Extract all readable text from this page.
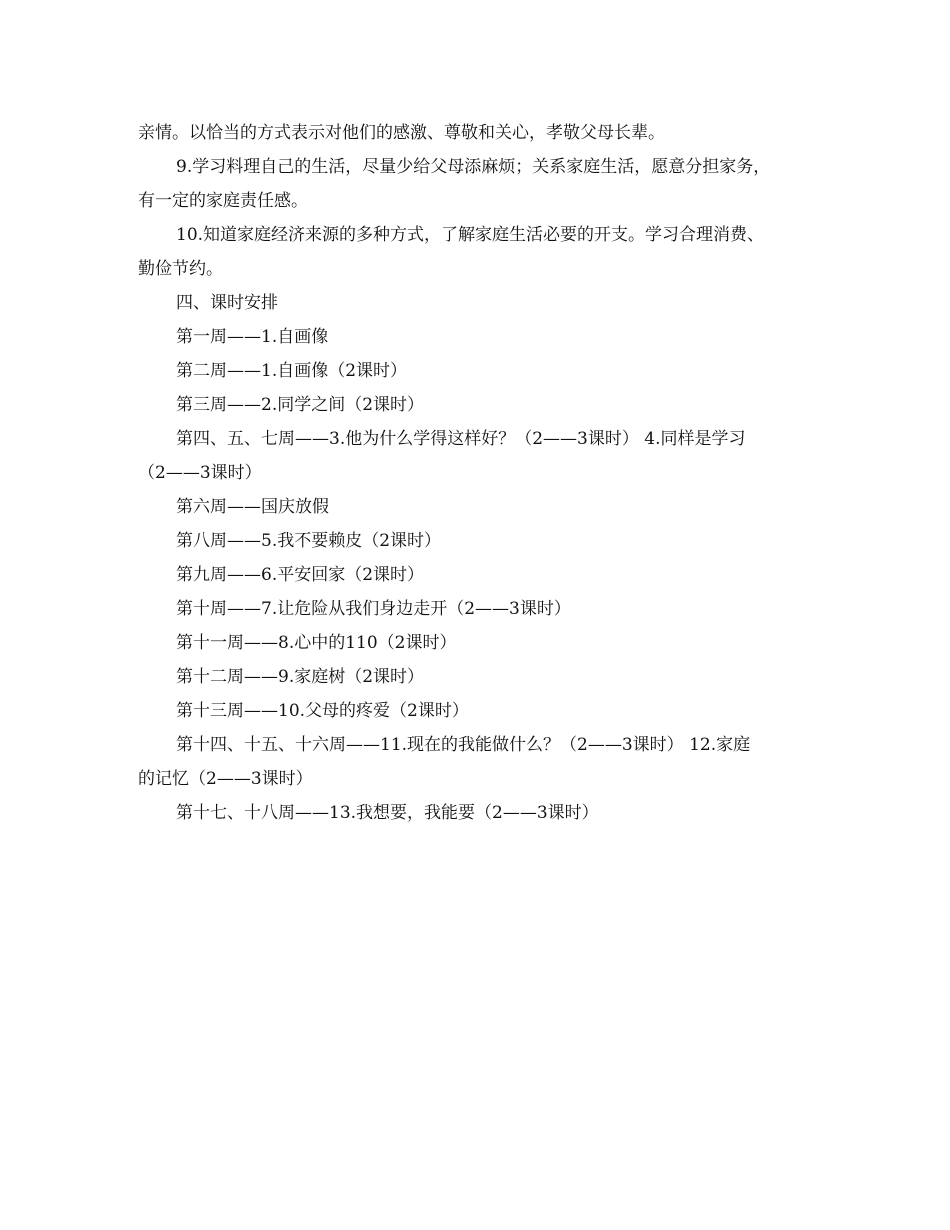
亲情。以恰当的方式表示对他们的感激、尊敬和关心，孝敬父母长辈。

9.学习料理自己的生活，尽量少给父母添麻烦；关系家庭生活，愿意分担家务，

有一定的家庭责任感。

10.知道家庭经济来源的多种方式，了解家庭生活必要的开支。学习合理消费、

勤俭节约。

四、课时安排

第一周——1.自画像

第二周——1.自画像（2课时）

第三周——2.同学之间（2课时）

第四、五、七周——3.他为什么学得这样好？（2——3课时） 4.同样是学习

（2——3课时）

第六周——国庆放假

第八周——5.我不要赖皮（2课时）

第九周——6.平安回家（2课时）

第十周——7.让危险从我们身边走开（2——3课时）

第十一周——8.心中的110（2课时）

第十二周——9.家庭树（2课时）

第十三周——10.父母的疼爱（2课时）

第十四、十五、十六周——11.现在的我能做什么？（2——3课时） 12.家庭

的记忆（2——3课时）

第十七、十八周——13.我想要，我能要（2——3课时）
